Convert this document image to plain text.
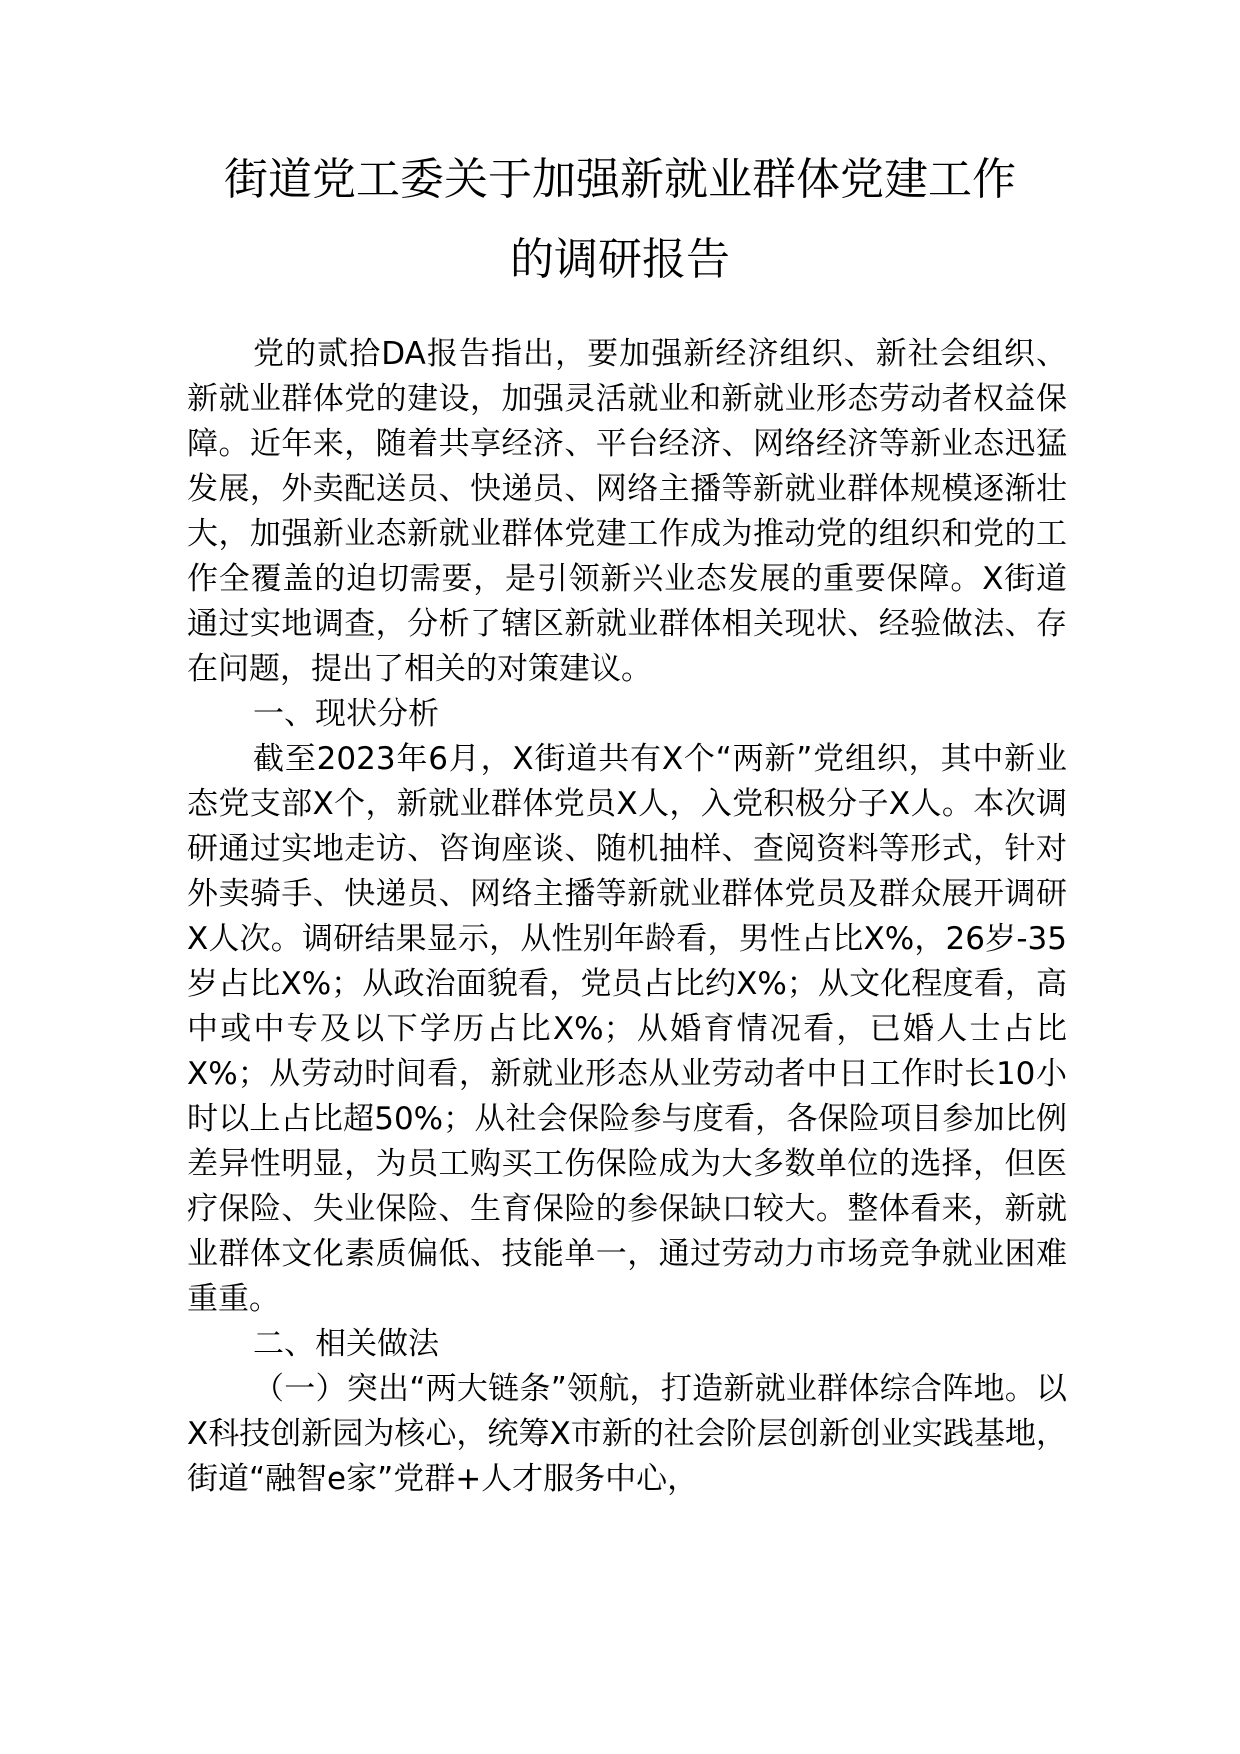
街道党工委关于加强新就业群体党建工作
的调研报告

党的贰拾DA报告指出，要加强新经济组织、新社会组织、新就业群体党的建设，加强灵活就业和新就业形态劳动者权益保障。近年来，随着共享经济、平台经济、网络经济等新业态迅猛发展，外卖配送员、快递员、网络主播等新就业群体规模逐渐壮大，加强新业态新就业群体党建工作成为推动党的组织和党的工作全覆盖的迫切需要，是引领新兴业态发展的重要保障。X街道通过实地调查，分析了辖区新就业群体相关现状、经验做法、存在问题，提出了相关的对策建议。

一、现状分析

截至2023年6月，X街道共有X个“两新”党组织，其中新业态党支部X个，新就业群体党员X人，入党积极分子X人。本次调研通过实地走访、咨询座谈、随机抽样、查阅资料等形式，针对外卖骑手、快递员、网络主播等新就业群体党员及群众展开调研X人次。调研结果显示，从性别年龄看，男性占比X%，26岁-35岁占比X%；从政治面貌看，党员占比约X%；从文化程度看，高中或中专及以下学历占比X%；从婚育情况看，已婚人士占比X%；从劳动时间看，新就业形态从业劳动者中日工作时长10小时以上占比超50%；从社会保险参与度看，各保险项目参加比例差异性明显，为员工购买工伤保险成为大多数单位的选择，但医疗保险、失业保险、生育保险的参保缺口较大。整体看来，新就业群体文化素质偏低、技能单一，通过劳动力市场竞争就业困难重重。

二、相关做法

（一）突出“两大链条”领航，打造新就业群体综合阵地。以X科技创新园为核心，统筹X市新的社会阶层创新创业实践基地，街道“融智e家”党群+人才服务中心，
